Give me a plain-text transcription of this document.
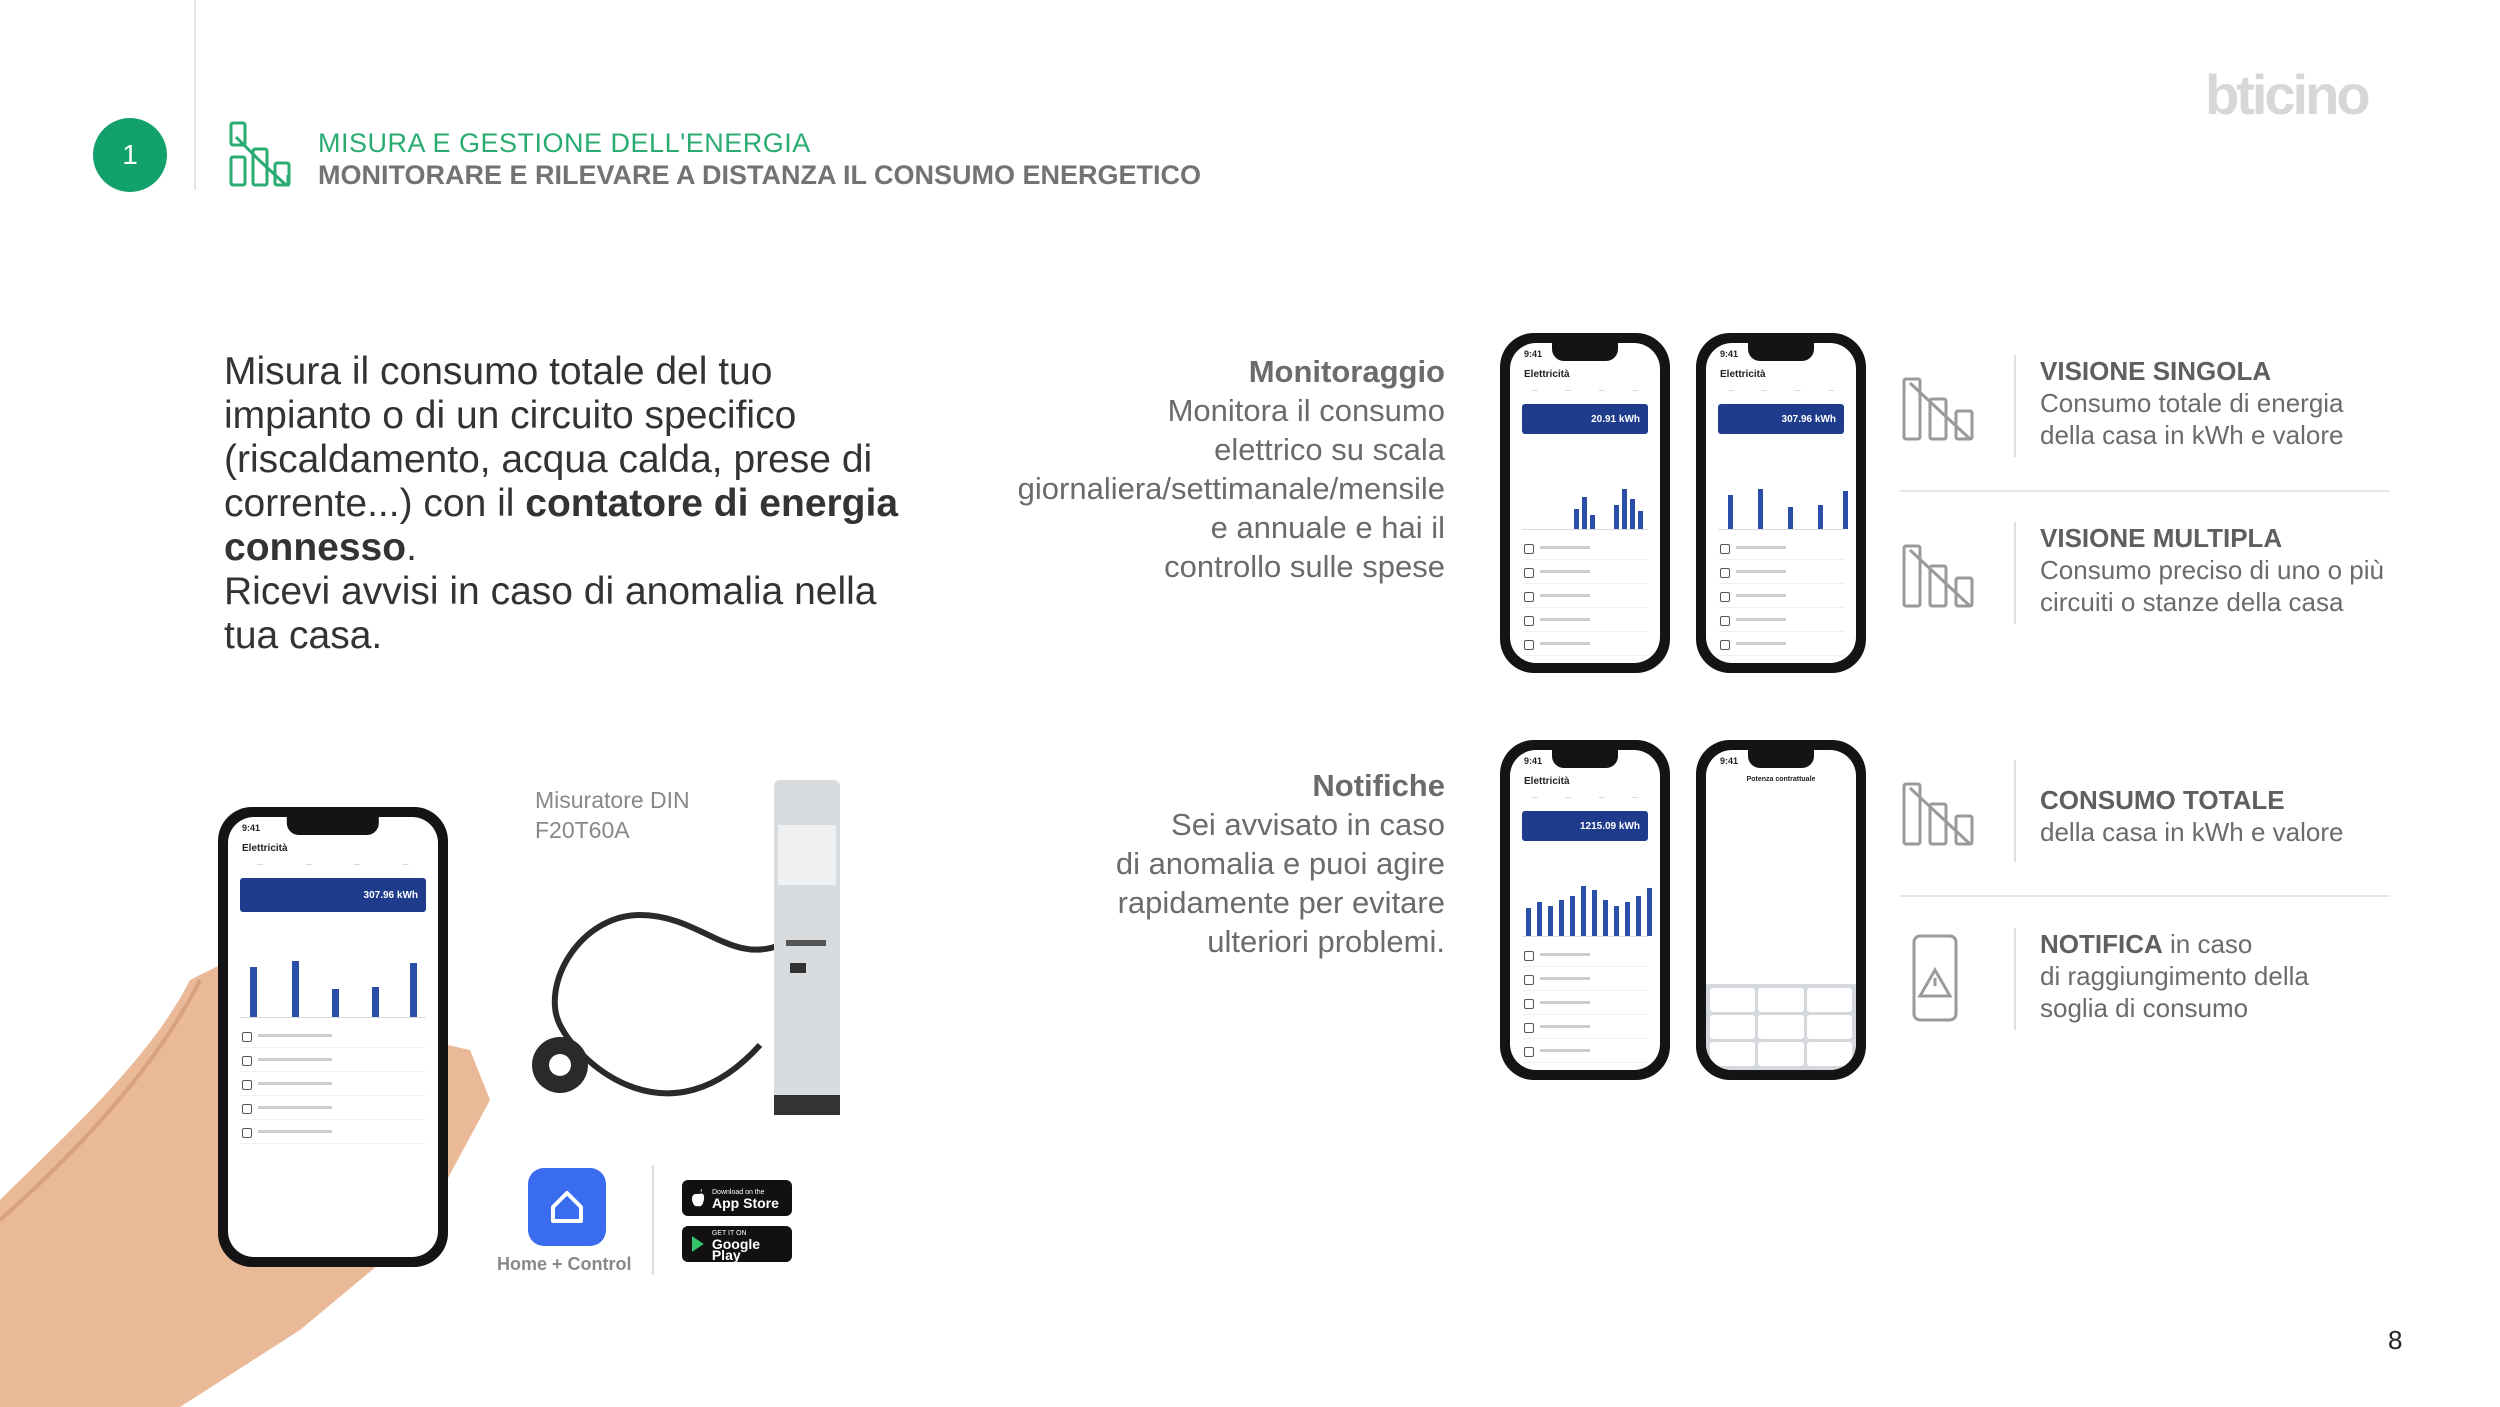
1	MISURA E GESTIONE DELL'ENERGIA
MONITORARE E RILEVARE A DISTANZA IL CONSUMO ENERGETICO
bticino
Misura il consumo totale del tuo impianto o di un circuito specifico (riscaldamento, acqua calda, prese di corrente...) con il contatore di energia connesso.
Ricevi avvisi in caso di anomalia nella tua casa.
Monitoraggio
Monitora il consumo
elettrico su scala
giornaliera/settimanale/mensile
e annuale e hai il
controllo sulle spese
Notifiche
Sei avvisato in caso
di anomalia e puoi agire
rapidamente per evitare
ulteriori problemi.
9:41
Elettricità
—	—	—	—
20.91 kWh
9:41
Elettricità
—	—	—	—
307.96 kWh
9:41
Elettricità
—	—	—	—
1215.09 kWh
9:41
Potenza contrattuale
9:41
Elettricità
—	—	—	—
307.96 kWh
Misuratore DIN
F20T60A
Home + Control
Download on the
App Store
GET IT ON
Google Play
VISIONE SINGOLA
Consumo totale di energia
della casa in kWh e valore
VISIONE MULTIPLA
Consumo preciso di uno o più
circuiti o stanze della casa
CONSUMO TOTALE
della casa in kWh e valore
NOTIFICA in caso
di raggiungimento della
soglia di consumo
8
